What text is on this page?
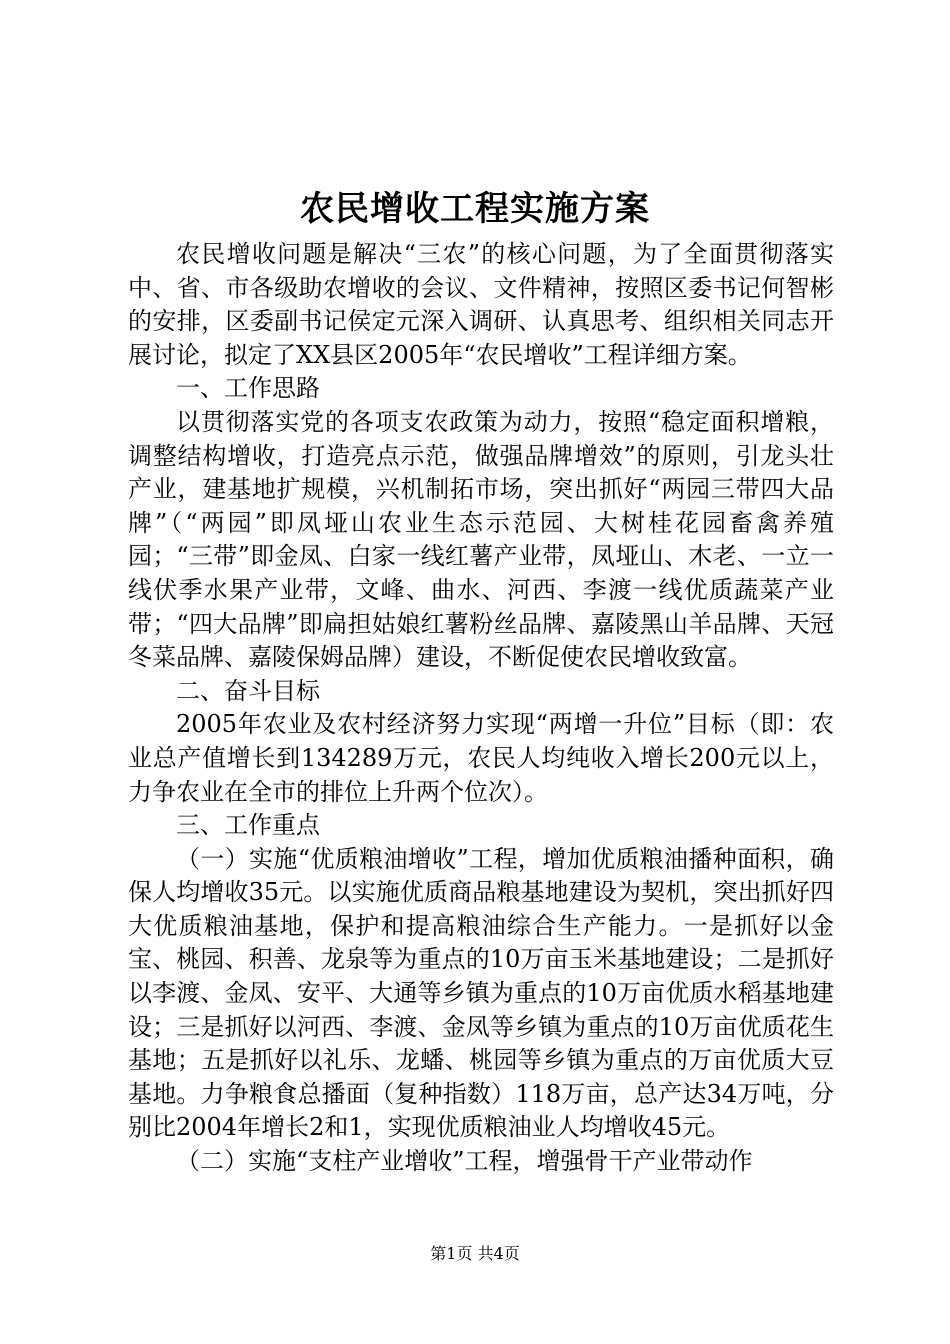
农民增收工程实施方案

农民增收问题是解决“三农”的核心问题，为了全面贯彻落实中、省、市各级助农增收的会议、文件精神，按照区委书记何智彬的安排，区委副书记侯定元深入调研、认真思考、组织相关同志开展讨论，拟定了XX县区2005年“农民增收”工程详细方案。

一、工作思路

以贯彻落实党的各项支农政策为动力，按照“稳定面积增粮，调整结构增收，打造亮点示范，做强品牌增效”的原则，引龙头壮产业，建基地扩规模，兴机制拓市场，突出抓好“两园三带四大品牌”（“两园”即凤垭山农业生态示范园、大树桂花园畜禽养殖园；“三带”即金凤、白家一线红薯产业带，凤垭山、木老、一立一线伏季水果产业带，文峰、曲水、河西、李渡一线优质蔬菜产业带；“四大品牌”即扁担姑娘红薯粉丝品牌、嘉陵黑山羊品牌、天冠冬菜品牌、嘉陵保姆品牌）建设，不断促使农民增收致富。

二、奋斗目标

2005年农业及农村经济努力实现“两增一升位”目标（即：农业总产值增长到134289万元，农民人均纯收入增长200元以上，力争农业在全市的排位上升两个位次）。

三、工作重点

（一）实施“优质粮油增收”工程，增加优质粮油播种面积，确保人均增收35元。以实施优质商品粮基地建设为契机，突出抓好四大优质粮油基地，保护和提高粮油综合生产能力。一是抓好以金宝、桃园、积善、龙泉等为重点的10万亩玉米基地建设；二是抓好以李渡、金凤、安平、大通等乡镇为重点的10万亩优质水稻基地建设；三是抓好以河西、李渡、金凤等乡镇为重点的10万亩优质花生基地；五是抓好以礼乐、龙蟠、桃园等乡镇为重点的万亩优质大豆基地。力争粮食总播面（复种指数）118万亩，总产达34万吨，分别比2004年增长2和1，实现优质粮油业人均增收45元。

（二）实施“支柱产业增收”工程，增强骨干产业带动作

第1页 共4页
